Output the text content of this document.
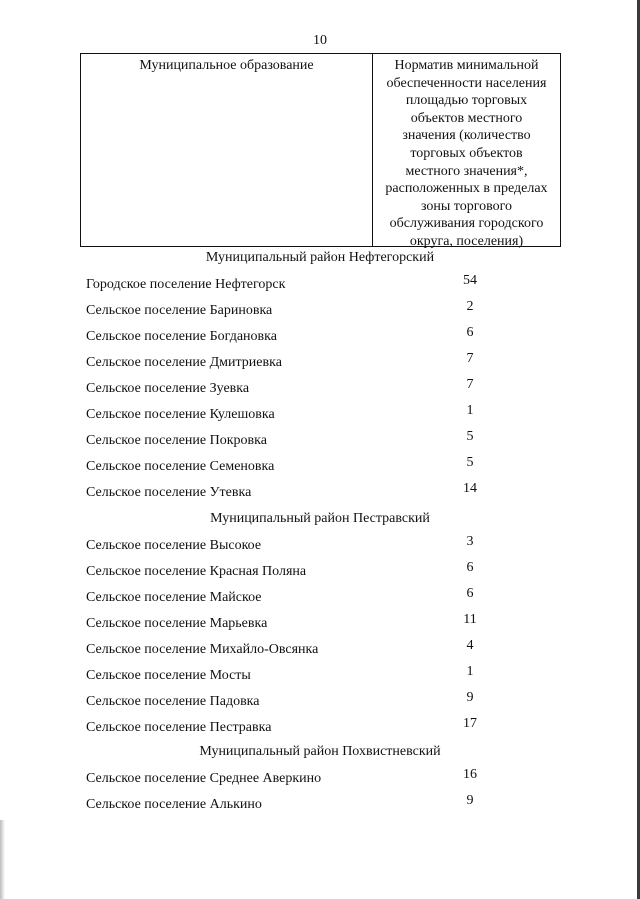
10
Муниципальное образование	Норматив минимальной
обеспеченности населения
площадью торговых
объектов местного
значения (количество
торговых объектов
местного значения*,
расположенных в пределах
зоны торгового
обслуживания городского
округа, поселения)
Муниципальный район Нефтегорский
Городское поселение Нефтегорск	54
Сельское поселение Бариновка	2
Сельское поселение Богдановка	6
Сельское поселение Дмитриевка	7
Сельское поселение Зуевка	7
Сельское поселение Кулешовка	1
Сельское поселение Покровка	5
Сельское поселение Семеновка	5
Сельское поселение Утевка	14
Муниципальный район Пестравский
Сельское поселение Высокое	3
Сельское поселение Красная Поляна	6
Сельское поселение Майское	6
Сельское поселение Марьевка	11
Сельское поселение Михайло-Овсянка	4
Сельское поселение Мосты	1
Сельское поселение Падовка	9
Сельское поселение Пестравка	17
Муниципальный район Похвистневский
Сельское поселение Среднее Аверкино	16
Сельское поселение Алькино	9
